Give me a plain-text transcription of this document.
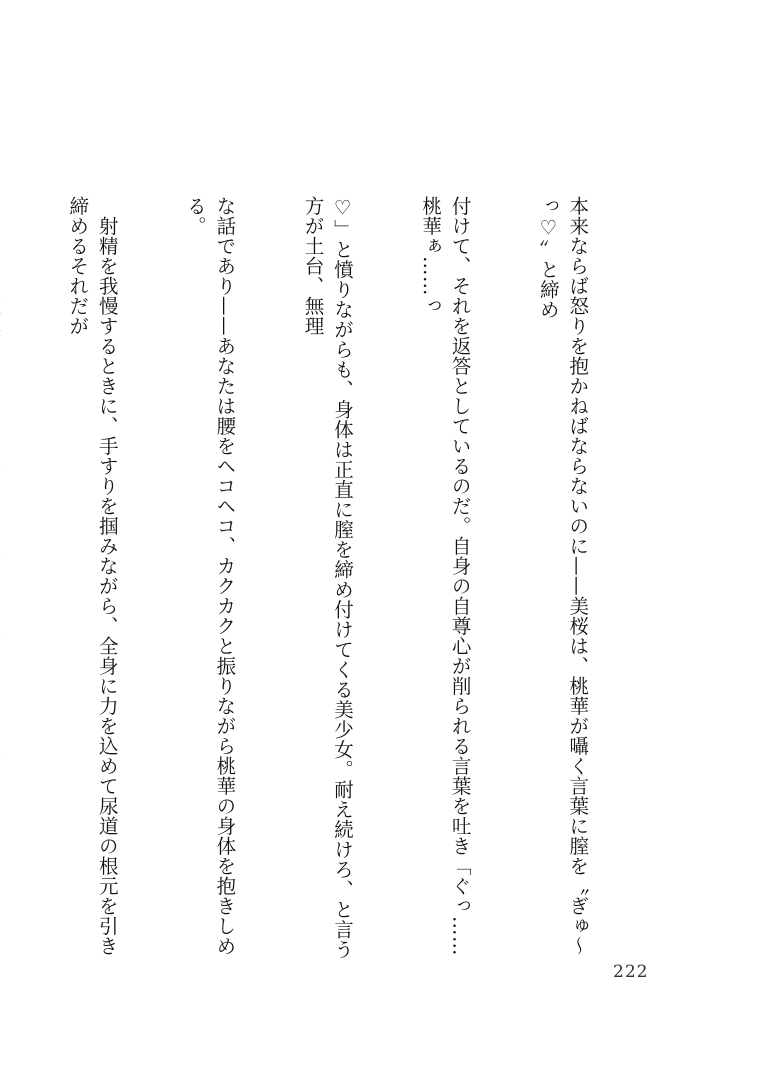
本来ならば怒りを抱かねばならないのに——美桜は、桃華が囁く言葉に膣を〝ぎゅ〜っ♡〟と締め

付けて、それを返答としているのだ。自身の自尊心が削られる言葉を吐き「ぐっ……桃華ぁ……っ

♡」と憤りながらも、身体は正直に膣を締め付けてくる美少女。耐え続けろ、と言う方が土台、無理

な話であり——あなたは腰をヘコヘコ、カクカクと振りながら桃華の身体を抱きしめる。

　射精を我慢するときに、手すりを掴みながら、全身に力を込めて尿道の根元を引き締めるそれだが

222
